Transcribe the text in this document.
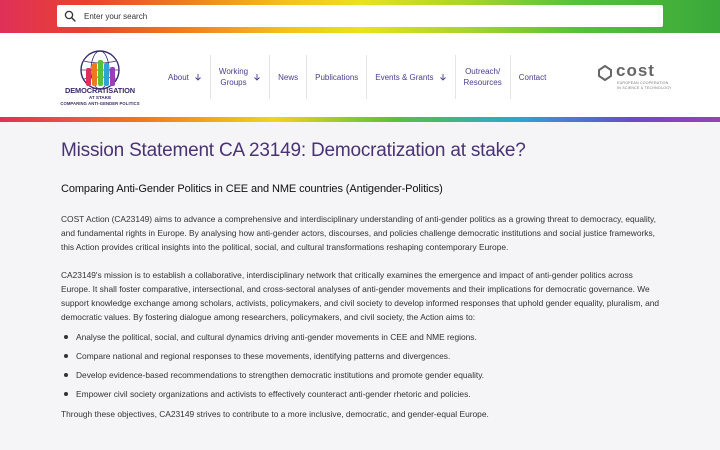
Enter your search
DEMOCRATISATION
AT STAKE
COMPARING ANTI-GENDER POLITICS
About
Working
Groups
News Publications Events & Grants
Outreach/
Resources
Contact	cost
EUROPEAN COOPERATION
IN SCIENCE & TECHNOLOGY
Mission Statement CA 23149: Democratization at stake?
Comparing Anti-Gender Politics in CEE and NME countries (Antigender-Politics)

COST Action (CA23149) aims to advance a comprehensive and interdisciplinary understanding of anti-gender politics as a growing threat to democracy, equality, and fundamental rights in Europe. By analysing how anti-gender actors, discourses, and policies challenge democratic institutions and social justice frameworks, this Action provides critical insights into the political, social, and cultural transformations reshaping contemporary Europe.

CA23149's mission is to establish a collaborative, interdisciplinary network that critically examines the emergence and impact of anti-gender politics across Europe. It shall foster comparative, intersectional, and cross-sectoral analyses of anti-gender movements and their implications for democratic governance. We support knowledge exchange among scholars, activists, policymakers, and civil society to develop informed responses that uphold gender equality, pluralism, and democratic values. By fostering dialogue among researchers, policymakers, and civil society, the Action aims to:

Analyse the political, social, and cultural dynamics driving anti-gender movements in CEE and NME regions.
Compare national and regional responses to these movements, identifying patterns and divergences.
Develop evidence-based recommendations to strengthen democratic institutions and promote gender equality.
Empower civil society organizations and activists to effectively counteract anti-gender rhetoric and policies.

Through these objectives, CA23149 strives to contribute to a more inclusive, democratic, and gender-equal Europe.
